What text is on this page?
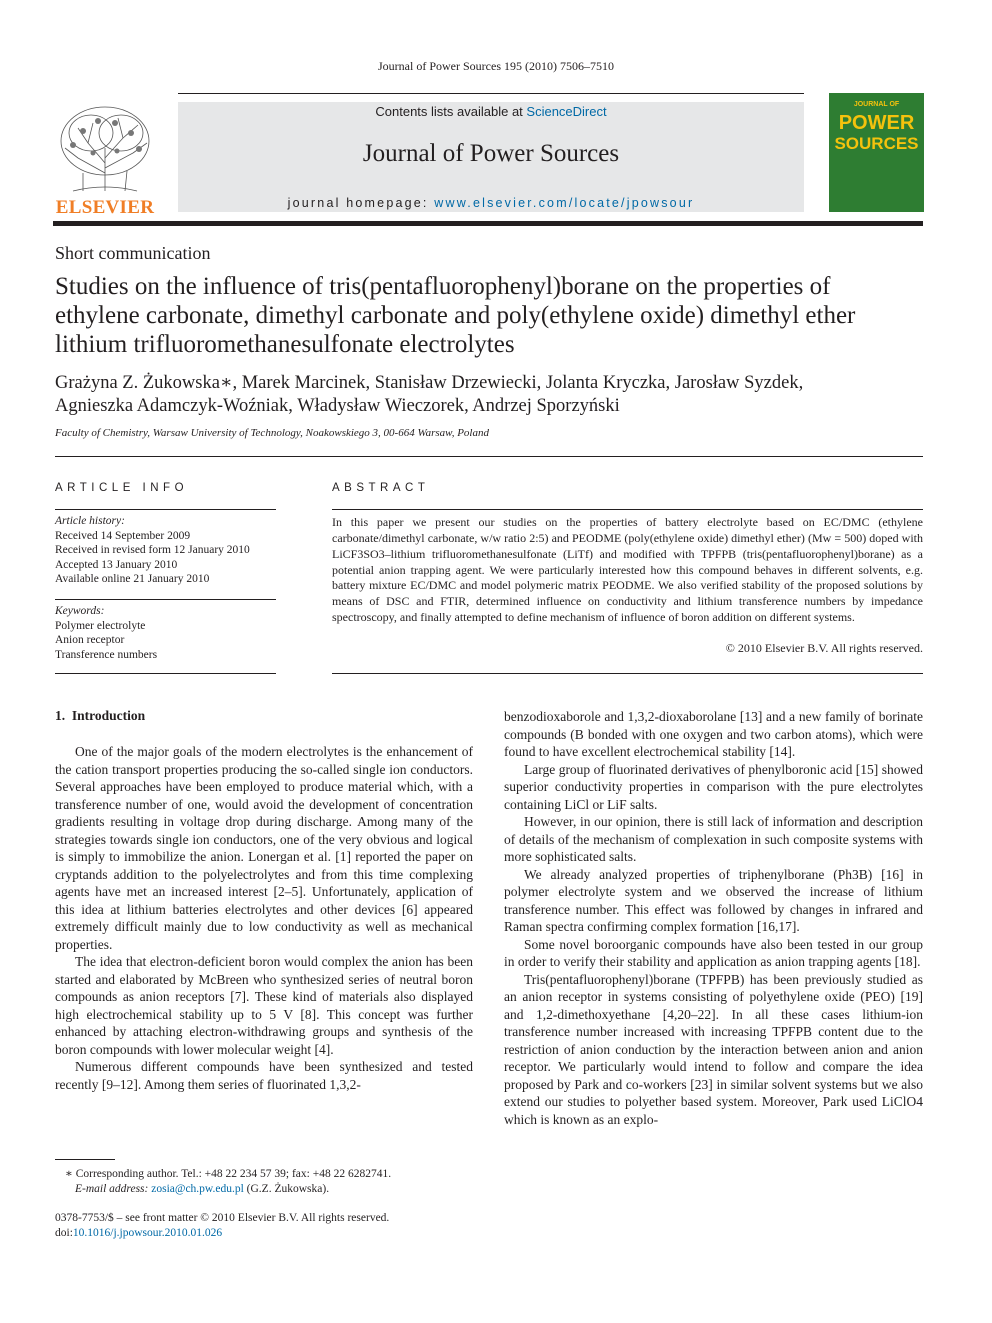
Journal of Power Sources 195 (2010) 7506–7510
ELSEVIER
Contents lists available at ScienceDirect
Journal of Power Sources
journal homepage: www.elsevier.com/locate/jpowsour
JOURNAL OF
POWER
SOURCES
Short communication
Studies on the influence of tris(pentafluorophenyl)borane on the properties of
ethylene carbonate, dimethyl carbonate and poly(ethylene oxide) dimethyl ether
lithium trifluoromethanesulfonate electrolytes
Grażyna Z. Żukowska∗, Marek Marcinek, Stanisław Drzewiecki, Jolanta Kryczka, Jarosław Syzdek,
Agnieszka Adamczyk-Woźniak, Władysław Wieczorek, Andrzej Sporzyński
Faculty of Chemistry, Warsaw University of Technology, Noakowskiego 3, 00-664 Warsaw, Poland
ARTICLE INFO
Article history:
Received 14 September 2009
Received in revised form 12 January 2010
Accepted 13 January 2010
Available online 21 January 2010
Keywords:
Polymer electrolyte
Anion receptor
Transference numbers
ABSTRACT
In this paper we present our studies on the properties of battery electrolyte based on EC/DMC (ethylene carbonate/dimethyl carbonate, w/w ratio 2:5) and PEODME (poly(ethylene oxide) dimethyl ether) (Mw = 500) doped with LiCF3SO3–lithium trifluoromethanesulfonate (LiTf) and modified with TPFPB (tris(pentafluorophenyl)borane) as a potential anion trapping agent. We were particularly interested how this compound behaves in different solvents, e.g. battery mixture EC/DMC and model polymeric matrix PEODME. We also verified stability of the proposed solutions by means of DSC and FTIR, determined influence on conductivity and lithium transference numbers by impedance spectroscopy, and finally attempted to define mechanism of influence of boron addition on different systems.
© 2010 Elsevier B.V. All rights reserved.
1. Introduction

One of the major goals of the modern electrolytes is the enhancement of the cation transport properties producing the so-called single ion conductors. Several approaches have been employed to produce material which, with a transference number of one, would avoid the development of concentration gradients resulting in voltage drop during discharge. Among many of the strategies towards single ion conductors, one of the very obvious and logical is simply to immobilize the anion. Lonergan et al. [1] reported the paper on cryptands addition to the polyelectrolytes and from this time complexing agents have met an increased interest [2–5]. Unfortunately, application of this idea at lithium batteries electrolytes and other devices [6] appeared extremely difficult mainly due to low conductivity as well as mechanical properties.

The idea that electron-deficient boron would complex the anion has been started and elaborated by McBreen who synthesized series of neutral boron compounds as anion receptors [7]. These kind of materials also displayed high electrochemical stability up to 5 V [8]. This concept was further enhanced by attaching electron-withdrawing groups and synthesis of the boron compounds with lower molecular weight [4].

Numerous different compounds have been synthesized and tested recently [9–12]. Among them series of fluorinated 1,3,2-

benzodioxaborole and 1,3,2-dioxaborolane [13] and a new family of borinate compounds (B bonded with one oxygen and two carbon atoms), which were found to have excellent electrochemical stability [14].

Large group of fluorinated derivatives of phenylboronic acid [15] showed superior conductivity properties in comparison with the pure electrolytes containing LiCl or LiF salts.

However, in our opinion, there is still lack of information and description of details of the mechanism of complexation in such composite systems with more sophisticated salts.

We already analyzed properties of triphenylborane (Ph3B) [16] in polymer electrolyte system and we observed the increase of lithium transference number. This effect was followed by changes in infrared and Raman spectra confirming complex formation [16,17].

Some novel boroorganic compounds have also been tested in our group in order to verify their stability and application as anion trapping agents [18].

Tris(pentafluorophenyl)borane (TPFPB) has been previously studied as an anion receptor in systems consisting of polyethylene oxide (PEO) [19] and 1,2-dimethoxyethane [4,20–22]. In all these cases lithium-ion transference number increased with increasing TPFPB content due to the restriction of anion conduction by the interaction between anion and anion receptor. We particularly would intend to follow and compare the idea proposed by Park and co-workers [23] in similar solvent systems but we also extend our studies to polyether based system. Moreover, Park used LiClO4 which is known as an explo-

∗ Corresponding author. Tel.: +48 22 234 57 39; fax: +48 22 6282741.
E-mail address: zosia@ch.pw.edu.pl (G.Z. Żukowska).
0378-7753/$ – see front matter © 2010 Elsevier B.V. All rights reserved.
doi:10.1016/j.jpowsour.2010.01.026
